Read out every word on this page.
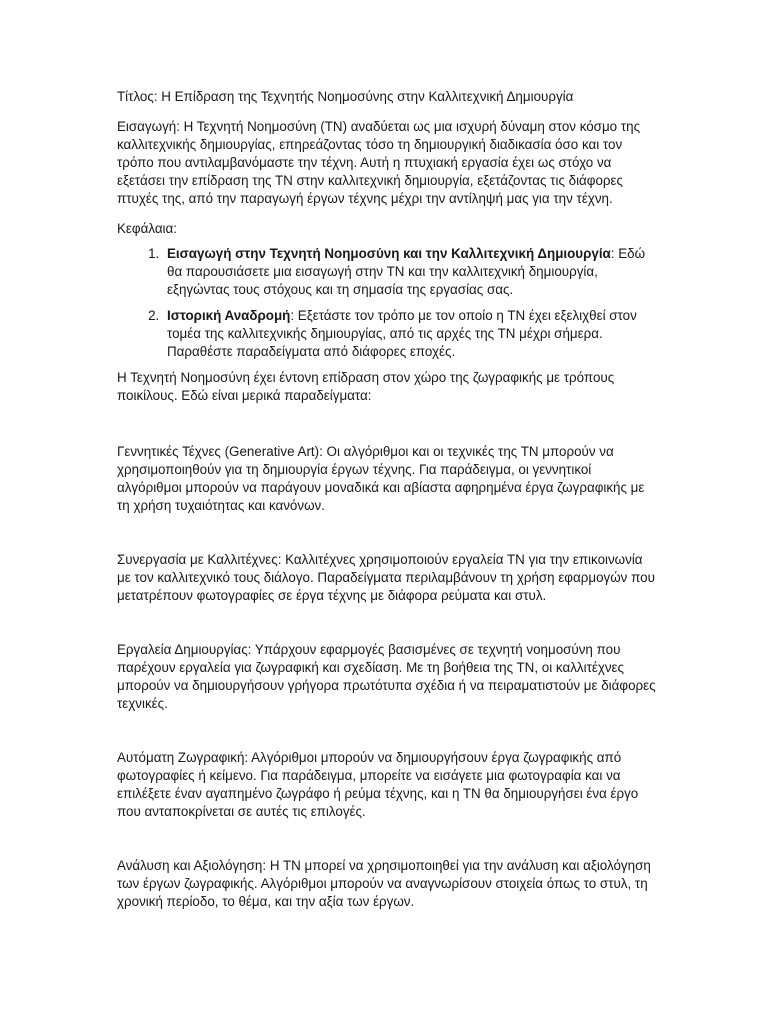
Τίτλος: Η Επίδραση της Τεχνητής Νοημοσύνης στην Καλλιτεχνική Δημιουργία

Εισαγωγή: Η Τεχνητή Νοημοσύνη (ΤΝ) αναδύεται ως μια ισχυρή δύναμη στον κόσμο της καλλιτεχνικής δημιουργίας, επηρεάζοντας τόσο τη δημιουργική διαδικασία όσο και τον τρόπο που αντιλαμβανόμαστε την τέχνη. Αυτή η πτυχιακή εργασία έχει ως στόχο να εξετάσει την επίδραση της ΤΝ στην καλλιτεχνική δημιουργία, εξετάζοντας τις διάφορες πτυχές της, από την παραγωγή έργων τέχνης μέχρι την αντίληψή μας για την τέχνη.

Κεφάλαια:

1. Εισαγωγή στην Τεχνητή Νοημοσύνη και την Καλλιτεχνική Δημιουργία: Εδώ θα παρουσιάσετε μια εισαγωγή στην ΤΝ και την καλλιτεχνική δημιουργία, εξηγώντας τους στόχους και τη σημασία της εργασίας σας.
2. Ιστορική Αναδρομή: Εξετάστε τον τρόπο με τον οποίο η ΤΝ έχει εξελιχθεί στον τομέα της καλλιτεχνικής δημιουργίας, από τις αρχές της ΤΝ μέχρι σήμερα. Παραθέστε παραδείγματα από διάφορες εποχές.

Η Τεχνητή Νοημοσύνη έχει έντονη επίδραση στον χώρο της ζωγραφικής με τρόπους ποικίλους. Εδώ είναι μερικά παραδείγματα:

Γεννητικές Τέχνες (Generative Art): Οι αλγόριθμοι και οι τεχνικές της ΤΝ μπορούν να χρησιμοποιηθούν για τη δημιουργία έργων τέχνης. Για παράδειγμα, οι γεννητικοί αλγόριθμοι μπορούν να παράγουν μοναδικά και αβίαστα αφηρημένα έργα ζωγραφικής με τη χρήση τυχαιότητας και κανόνων.

Συνεργασία με Καλλιτέχνες: Καλλιτέχνες χρησιμοποιούν εργαλεία ΤΝ για την επικοινωνία με τον καλλιτεχνικό τους διάλογο. Παραδείγματα περιλαμβάνουν τη χρήση εφαρμογών που μετατρέπουν φωτογραφίες σε έργα τέχνης με διάφορα ρεύματα και στυλ.

Εργαλεία Δημιουργίας: Υπάρχουν εφαρμογές βασισμένες σε τεχνητή νοημοσύνη που παρέχουν εργαλεία για ζωγραφική και σχεδίαση. Με τη βοήθεια της ΤΝ, οι καλλιτέχνες μπορούν να δημιουργήσουν γρήγορα πρωτότυπα σχέδια ή να πειραματιστούν με διάφορες τεχνικές.

Αυτόματη Ζωγραφική: Αλγόριθμοι μπορούν να δημιουργήσουν έργα ζωγραφικής από φωτογραφίες ή κείμενο. Για παράδειγμα, μπορείτε να εισάγετε μια φωτογραφία και να επιλέξετε έναν αγαπημένο ζωγράφο ή ρεύμα τέχνης, και η ΤΝ θα δημιουργήσει ένα έργο που ανταποκρίνεται σε αυτές τις επιλογές.

Ανάλυση και Αξιολόγηση: Η ΤΝ μπορεί να χρησιμοποιηθεί για την ανάλυση και αξιολόγηση των έργων ζωγραφικής. Αλγόριθμοι μπορούν να αναγνωρίσουν στοιχεία όπως το στυλ, τη χρονική περίοδο, το θέμα, και την αξία των έργων.
